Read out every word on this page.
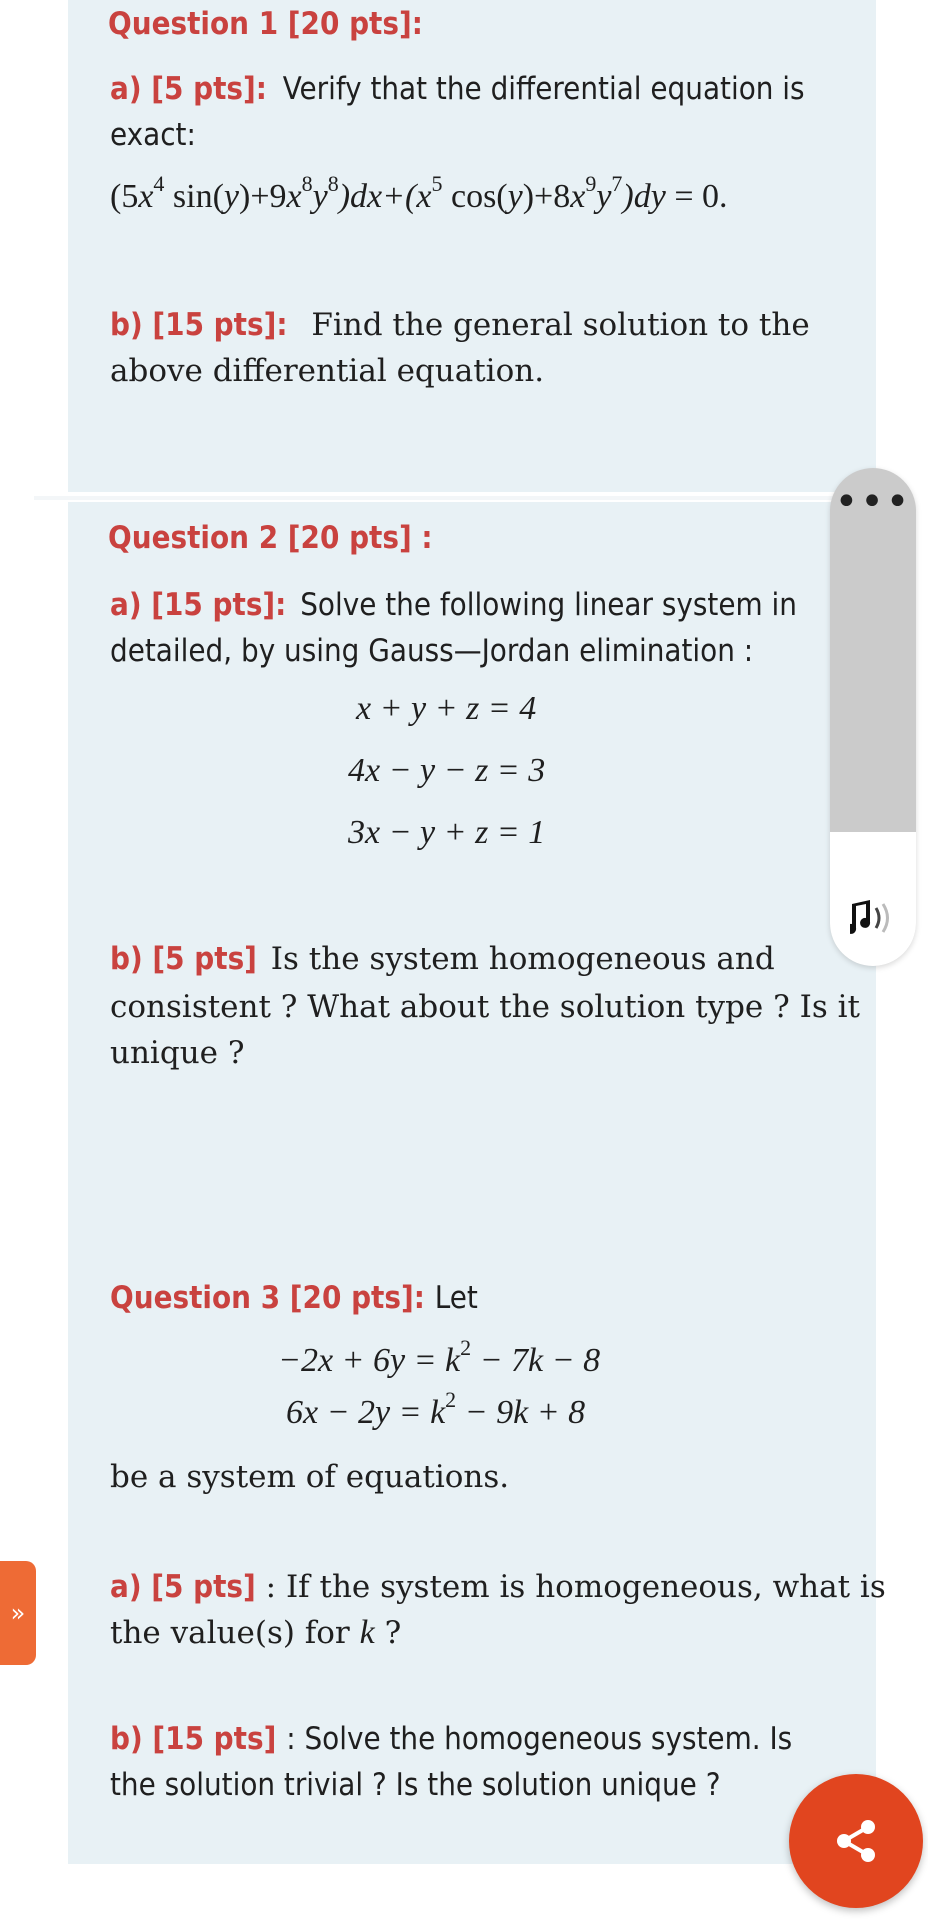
Question 1 [20 pts]:
a) [5 pts]: Verify that the differential equation is
exact:
($5x^4$ $\sin(y)+9x^8y^8)dx+(x^5$ $\cos(y)+8x^9y^7)dy = 0$.
b) [15 pts]: Find the general solution to the
above differential equation.
Question 2 [20 pts] :
a) [15 pts]: Solve the following linear system in
detailed, by using Gauss—Jordan elimination :
x + y + z = 4
4x − y − z = 3
3x − y + z = 1
b) [5 pts] Is the system homogeneous and
consistent ? What about the solution type ? Is it
unique ?
Question 3 [20 pts]: Let
$-2x + 6y = k^2 - 7k - 8$
$6x - 2y = k^2 - 9k + 8$
be a system of equations.
a) [5 pts] : If the system is homogeneous, what is
the value(s) for k ?
b) [15 pts] : Solve the homogeneous system. Is
the solution trivial ? Is the solution unique ?
•••
»
